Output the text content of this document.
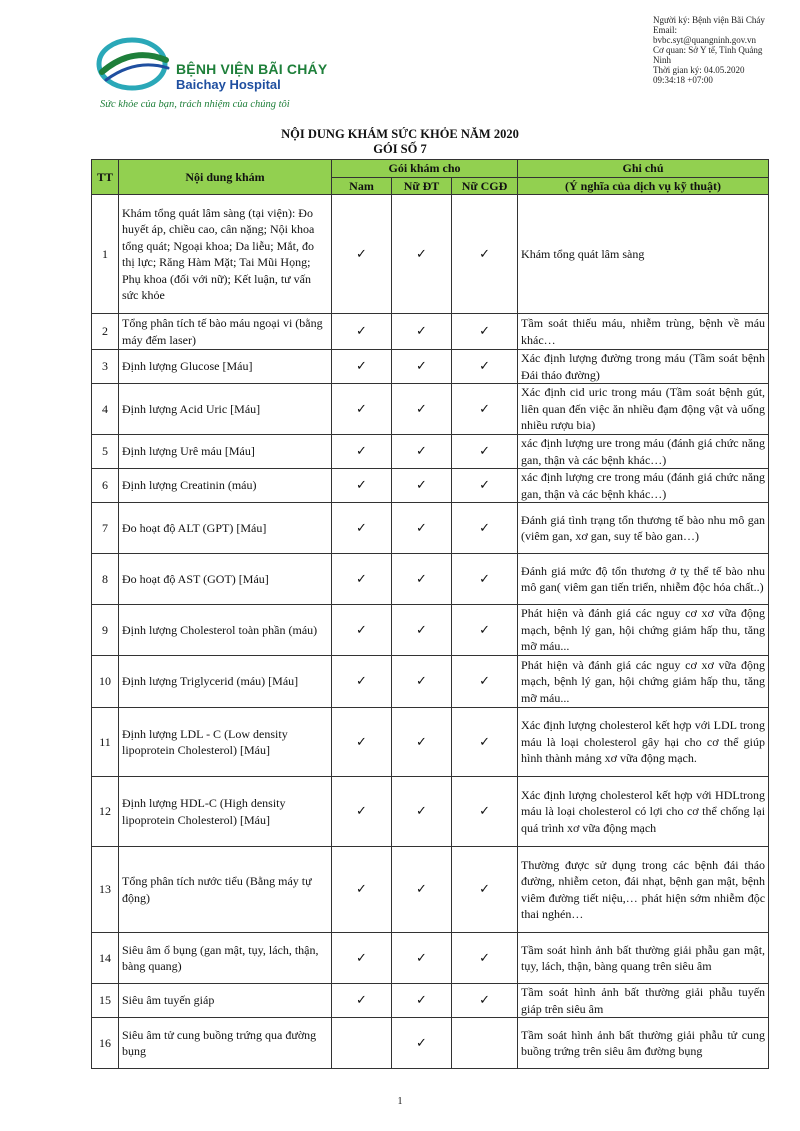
BỆNH VIỆN BÃI CHÁY
Baichay Hospital
Sức khỏe của bạn, trách nhiệm của chúng tôi
Người ký: Bệnh viện Bãi Cháy
Email:
bvbc.syt@quangninh.gov.vn
Cơ quan: Sở Y tế, Tỉnh Quảng
Ninh
Thời gian ký: 04.05.2020
09:34:18 +07:00
NỘI DUNG KHÁM SỨC KHỎE NĂM 2020
GÓI SỐ 7
TT	Nội dung khám	Gói khám cho			Ghi chú
		Nam	Nữ ĐT	Nữ CGĐ	(Ý nghĩa của dịch vụ kỹ thuật)
1	Khám tổng quát lâm sàng (tại viện): Đo huyết áp, chiều cao, cân nặng; Nội khoa tổng quát; Ngoại khoa; Da liễu; Mắt, đo thị lực; Răng Hàm Mặt; Tai Mũi Họng; Phụ khoa (đối với nữ); Kết luận, tư vấn sức khỏe	✓	✓	✓	Khám tổng quát lâm sàng
2	Tổng phân tích tế bào máu ngoại vi (bằng máy đếm laser)	✓	✓	✓	Tầm soát thiếu máu, nhiễm trùng, bệnh về máu khác…
3	Định lượng Glucose [Máu]	✓	✓	✓	Xác định lượng đường trong máu (Tầm soát bệnh Đái tháo đường)
4	Định lượng Acid Uric [Máu]	✓	✓	✓	Xác định cid uric trong máu (Tầm soát bệnh gút, liên quan đến việc ăn nhiều đạm động vật và uống nhiều rượu bia)
5	Định lượng Urê máu [Máu]	✓	✓	✓	xác định lượng ure trong máu (đánh giá chức năng gan, thận và các bệnh khác…)
6	Định lượng Creatinin (máu)	✓	✓	✓	xác định lượng cre trong máu (đánh giá chức năng gan, thận và các bệnh khác…)
7	Đo hoạt độ ALT (GPT) [Máu]	✓	✓	✓	Đánh giá tình trạng tổn thương tế bào nhu mô gan (viêm gan, xơ gan, suy tế bào gan…)
8	Đo hoạt độ AST (GOT) [Máu]	✓	✓	✓	Đánh giá mức độ tổn thương ở tỵ thể tế bào nhu mô gan( viêm gan tiến triển, nhiễm độc hóa chất..)
9	Định lượng Cholesterol toàn phần (máu)	✓	✓	✓	Phát hiện và đánh giá các nguy cơ xơ vữa động mạch, bệnh lý gan, hội chứng giảm hấp thu, tăng mỡ máu...
10	Định lượng Triglycerid (máu) [Máu]	✓	✓	✓	Phát hiện và đánh giá các nguy cơ xơ vữa động mạch, bệnh lý gan, hội chứng giảm hấp thu, tăng mỡ máu...
11	Định lượng LDL - C (Low density lipoprotein Cholesterol) [Máu]	✓	✓	✓	Xác định lượng cholesterol kết hợp với LDL trong máu là loại cholesterol gây hại cho cơ thể giúp hình thành mảng xơ vữa động mạch.
12	Định lượng HDL-C (High density lipoprotein Cholesterol) [Máu]	✓	✓	✓	Xác định lượng cholesterol kết hợp với HDLtrong máu là loại cholesterol có lợi cho cơ thể chống lại quá trình xơ vữa động mạch
13	Tổng phân tích nước tiểu (Bằng máy tự động)	✓	✓	✓	Thường được sử dụng trong các bệnh đái tháo đường, nhiễm ceton, đái nhạt, bệnh gan mật, bệnh viêm đường tiết niệu,… phát hiện sớm nhiễm độc thai nghén…
14	Siêu âm ổ bụng (gan mật, tụy, lách, thận, bàng quang)	✓	✓	✓	Tầm soát hình ảnh bất thường giải phẫu gan mật, tụy, lách, thận, bàng quang trên siêu âm
15	Siêu âm tuyến giáp	✓	✓	✓	Tầm soát hình ảnh bất thường giải phẫu tuyến giáp trên siêu âm
16	Siêu âm tử cung buồng trứng qua đường bụng		✓		Tầm soát hình ảnh bất thường giải phẫu tử cung buồng trứng trên siêu âm đường bụng
1
